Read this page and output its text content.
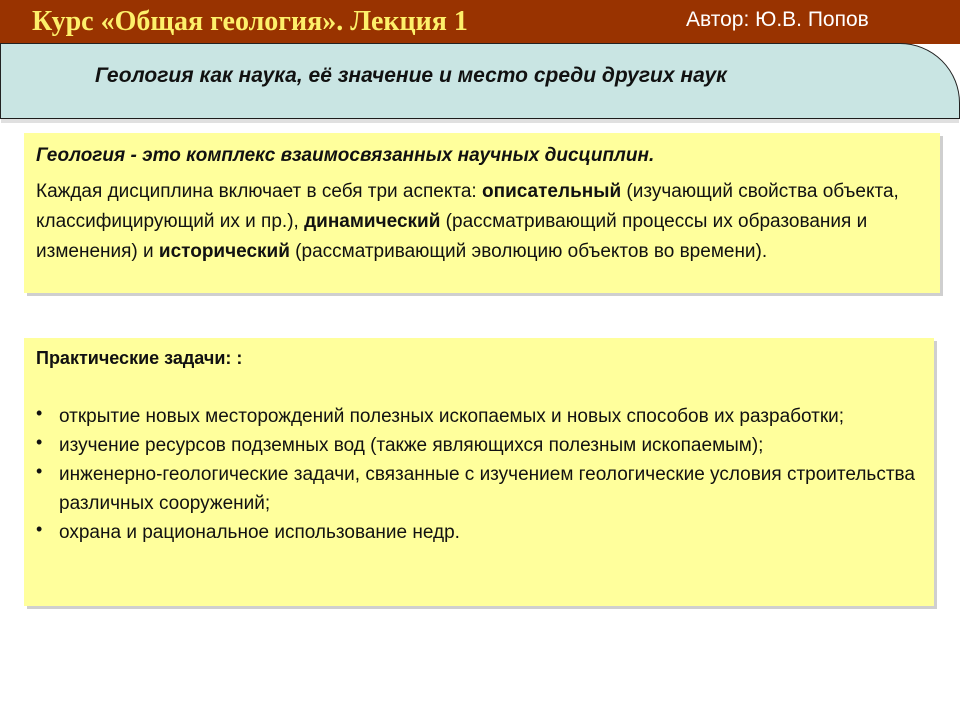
Курс «Общая геология». Лекция 1	Автор: Ю.В. Попов
Геология как наука, её значение и место среди других наук
Геология - это комплекс взаимосвязанных научных дисциплин.
Каждая дисциплина включает в себя три аспекта: описательный (изучающий свойства объекта, классифицирующий их и пр.), динамический (рассматривающий процессы их образования и изменения) и исторический (рассматривающий эволюцию объектов во времени).
Практические задачи: :
• открытие новых месторождений полезных ископаемых и новых способов их разработки;
• изучение ресурсов подземных вод (также являющихся полезным ископаемым);
• инженерно-геологические задачи, связанные с изучением геологические условия строительства различных сооружений;
• охрана и рациональное использование недр.
